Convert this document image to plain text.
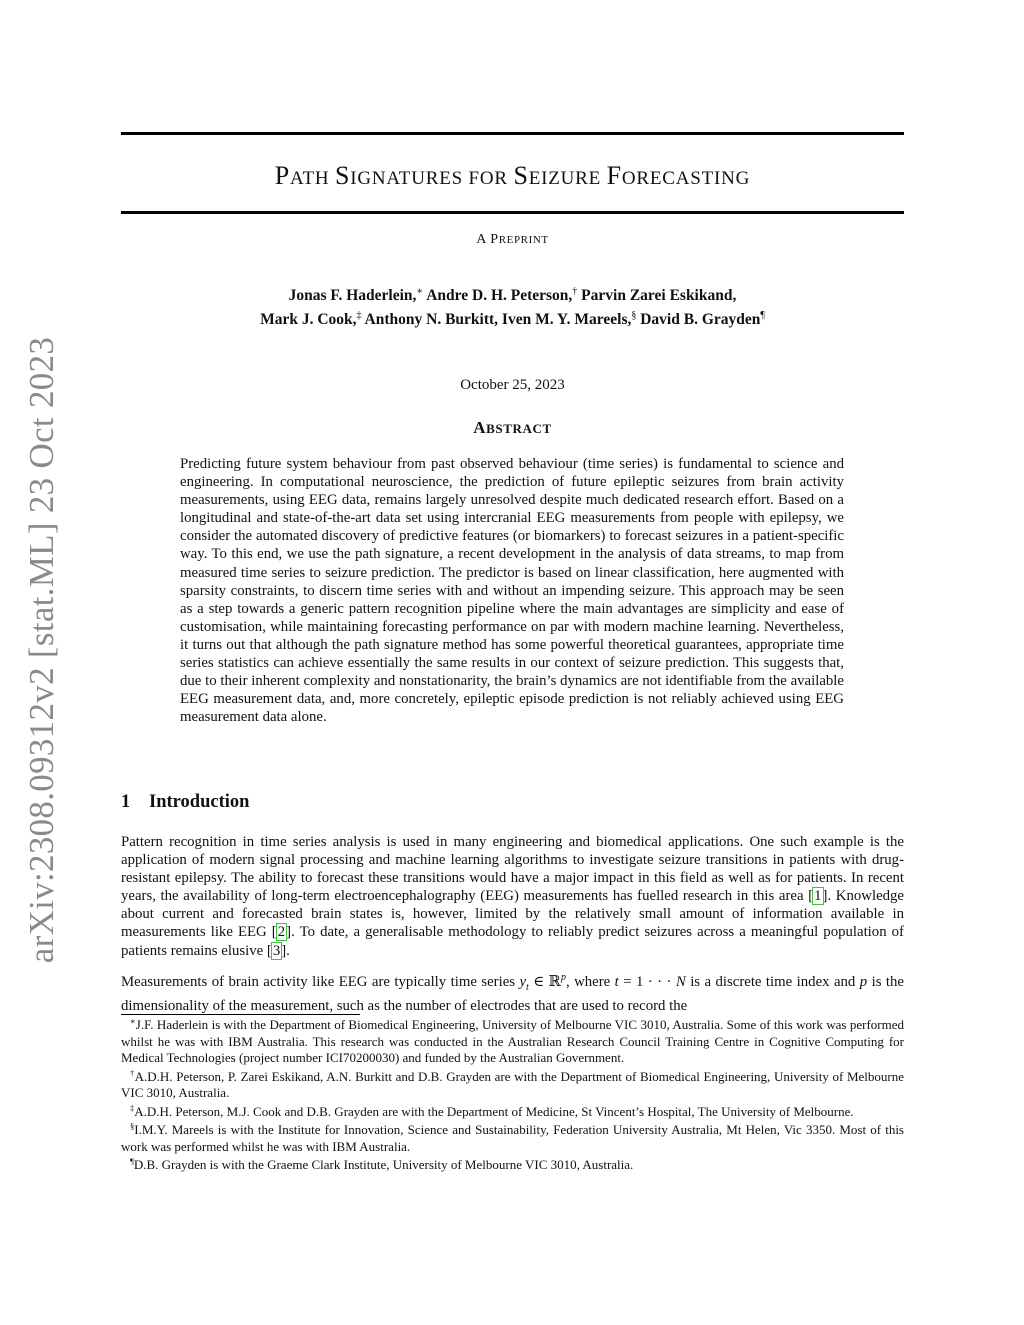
arXiv:2308.09312v2 [stat.ML] 23 Oct 2023
PATH SIGNATURES FOR SEIZURE FORECASTING
A PREPRINT
Jonas F. Haderlein,∗ Andre D. H. Peterson,† Parvin Zarei Eskikand,
Mark J. Cook,‡ Anthony N. Burkitt, Iven M. Y. Mareels,§ David B. Grayden¶
October 25, 2023
ABSTRACT
Predicting future system behaviour from past observed behaviour (time series) is fundamental to science and engineering. In computational neuroscience, the prediction of future epileptic seizures from brain activity measurements, using EEG data, remains largely unresolved despite much dedicated research effort. Based on a longitudinal and state-of-the-art data set using intercranial EEG measurements from people with epilepsy, we consider the automated discovery of predictive features (or biomarkers) to forecast seizures in a patient-specific way. To this end, we use the path signature, a recent development in the analysis of data streams, to map from measured time series to seizure prediction. The predictor is based on linear classification, here augmented with sparsity constraints, to discern time series with and without an impending seizure. This approach may be seen as a step towards a generic pattern recognition pipeline where the main advantages are simplicity and ease of customisation, while maintaining forecasting performance on par with modern machine learning. Nevertheless, it turns out that although the path signature method has some powerful theoretical guarantees, appropriate time series statistics can achieve essentially the same results in our context of seizure prediction. This suggests that, due to their inherent complexity and nonstationarity, the brain’s dynamics are not identifiable from the available EEG measurement data, and, more concretely, epileptic episode prediction is not reliably achieved using EEG measurement data alone.
1 Introduction
Pattern recognition in time series analysis is used in many engineering and biomedical applications. One such example is the application of modern signal processing and machine learning algorithms to investigate seizure transitions in patients with drug-resistant epilepsy. The ability to forecast these transitions would have a major impact in this field as well as for patients. In recent years, the availability of long-term electroencephalography (EEG) measurements has fuelled research in this area [1]. Knowledge about current and forecasted brain states is, however, limited by the relatively small amount of information available in measurements like EEG [2]. To date, a generalisable methodology to reliably predict seizures across a meaningful population of patients remains elusive [3].
Measurements of brain activity like EEG are typically time series $y_t$ ∈ ℝ$^p$, where t = 1 · · · N is a discrete time index and p is the dimensionality of the measurement, such as the number of electrodes that are used to record the

∗J.F. Haderlein is with the Department of Biomedical Engineering, University of Melbourne VIC 3010, Australia. Some of this work was performed whilst he was with IBM Australia. This research was conducted in the Australian Research Council Training Centre in Cognitive Computing for Medical Technologies (project number ICI70200030) and funded by the Australian Government.

†A.D.H. Peterson, P. Zarei Eskikand, A.N. Burkitt and D.B. Grayden are with the Department of Biomedical Engineering, University of Melbourne VIC 3010, Australia.

‡A.D.H. Peterson, M.J. Cook and D.B. Grayden are with the Department of Medicine, St Vincent’s Hospital, The University of Melbourne.

§I.M.Y. Mareels is with the Institute for Innovation, Science and Sustainability, Federation University Australia, Mt Helen, Vic 3350. Most of this work was performed whilst he was with IBM Australia.

¶D.B. Grayden is with the Graeme Clark Institute, University of Melbourne VIC 3010, Australia.
